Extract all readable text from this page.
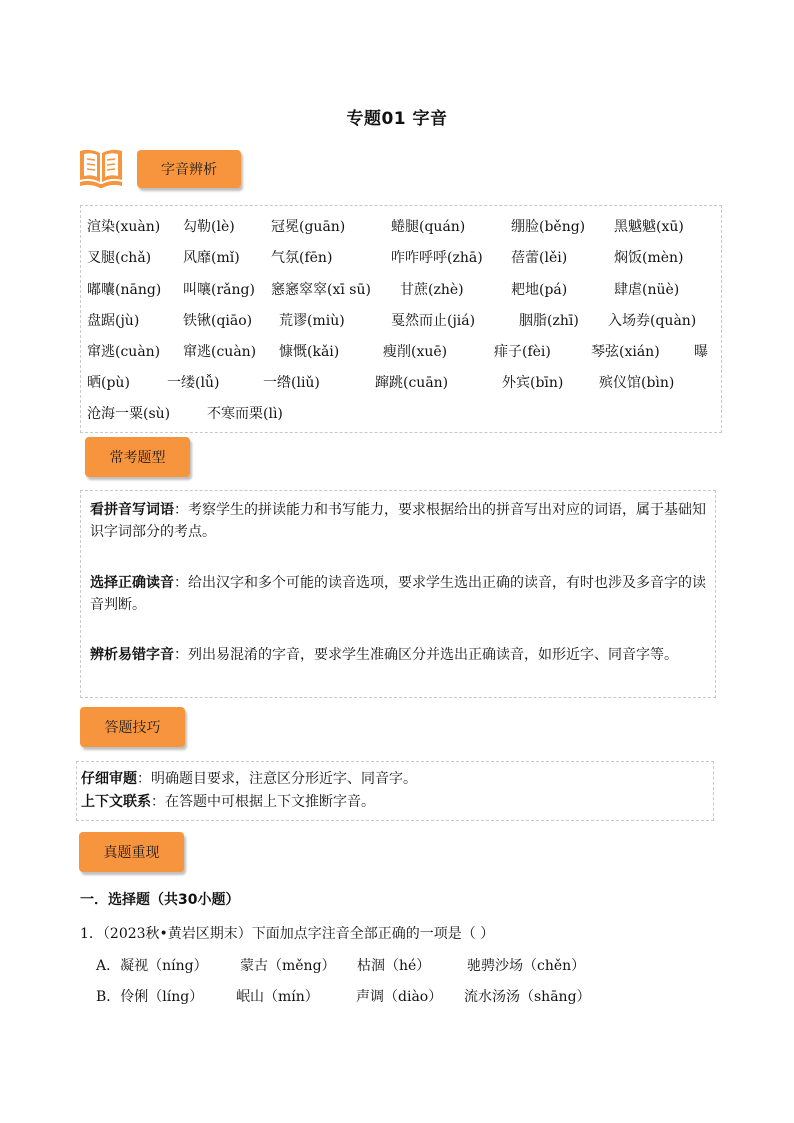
专题01 字音
字音辨析
渲染(xuàn) 勾勒(lè)	冠冕(guān)	蜷腿(quán)	绷脸(běng) 黑魆魆(xū)
叉腿(chǎ) 风靡(mǐ) 气氛(fēn)	咋咋呼呼(zhā) 蓓蕾(lěi)	焖饭(mèn)
嘟囔(nāng) 叫嚷(rǎng) 窸窸窣窣(xī sū) 甘蔗(zhè)	耙地(pá)	肆虐(nüè)
盘踞(jù)	铁锹(qiāo) 荒谬(miù)	戛然而止(jiá)	胭脂(zhī) 入场券(quàn)
窜逃(cuàn) 窜逃(cuàn) 慷慨(kǎi)	瘦削(xuē)	痱子(fèi)	琴弦(xián) 曝
晒(pù)	一缕(lǚ)	一绺(liǔ)	蹿跳(cuān)	外宾(bīn)	殡仪馆(bìn)
沧海一粟(sù)	不寒而栗(lì)
常考题型
看拼音写词语：考察学生的拼读能力和书写能力，要求根据给出的拼音写出对应的词语，属于基础知识字词部分的考点。
选择正确读音：给出汉字和多个可能的读音选项，要求学生选出正确的读音，有时也涉及多音字的读音判断。
辨析易错字音：列出易混淆的字音，要求学生准确区分并选出正确读音，如形近字、同音字等。
答题技巧
仔细审题：明确题目要求，注意区分形近字、同音字。
上下文联系：在答题中可根据上下文推断字音。
真题重现
一．选择题（共30小题）
1．（2023秋•黄岩区期末）下面加点字注音全部正确的一项是（ ）
A．凝视（níng） 蒙古（měng） 枯涸（hé）	驰骋沙场（chěn）
B．伶俐（líng） 岷山（mín）	声调（diào） 流水汤汤（shāng）
